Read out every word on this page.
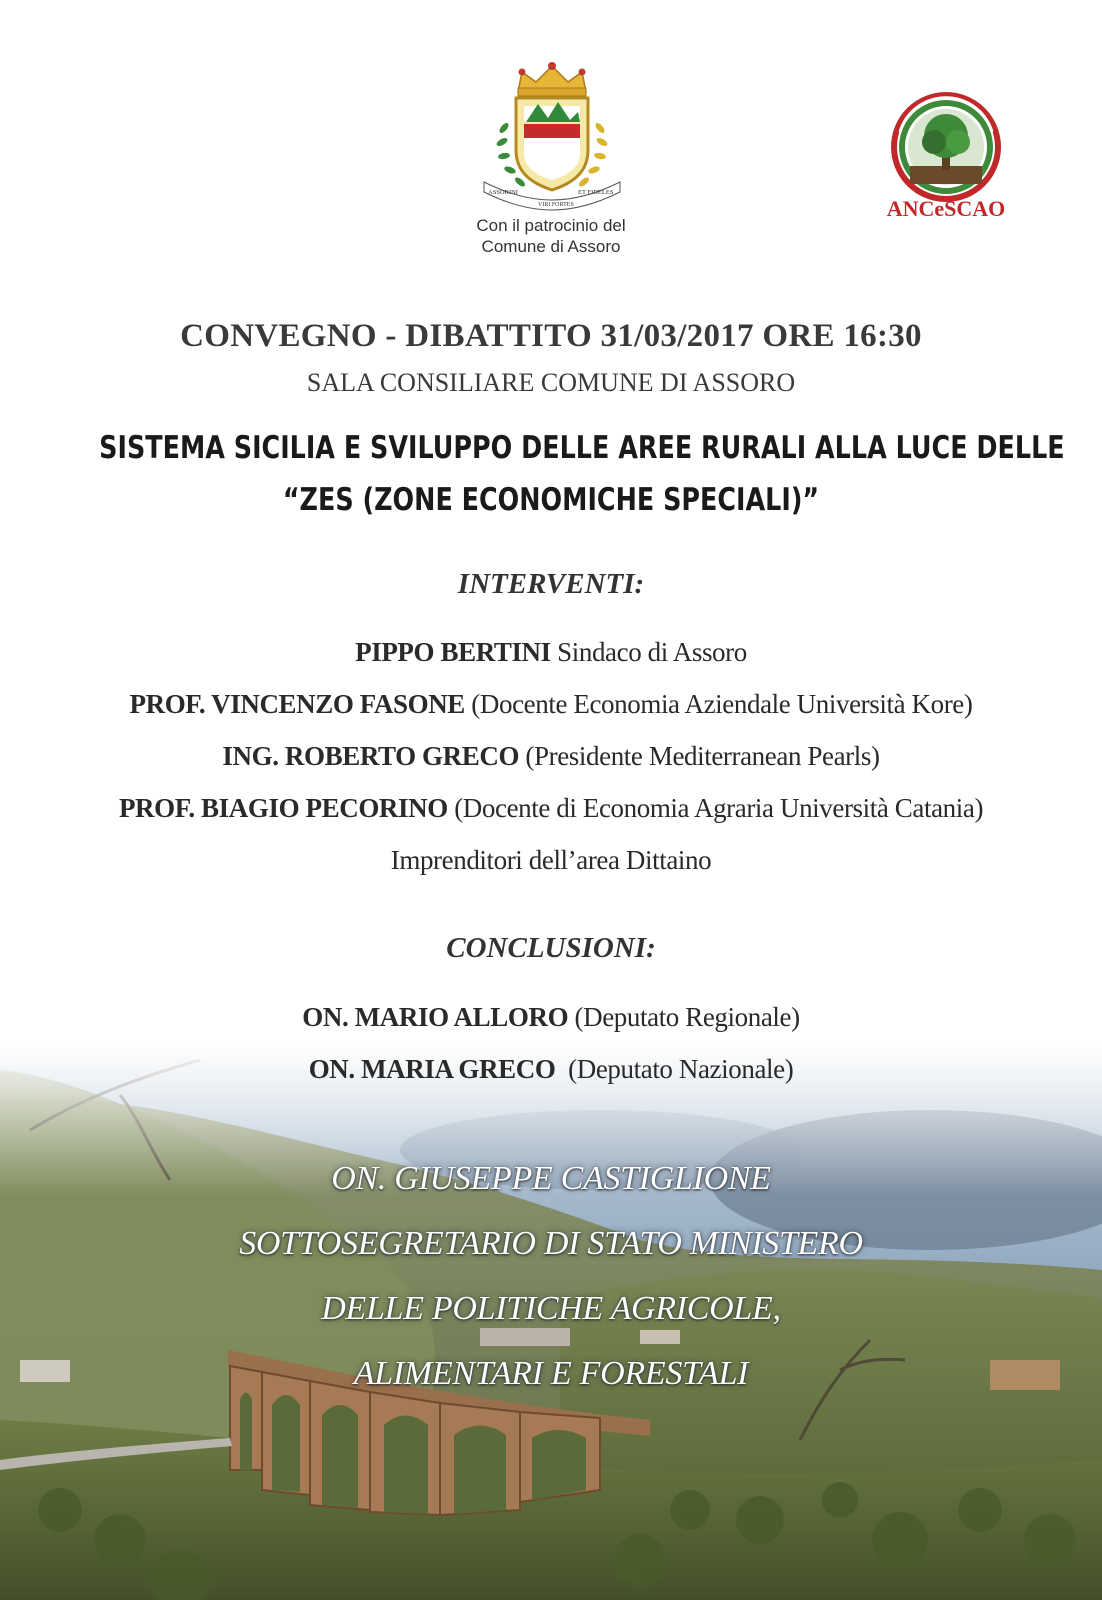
ASSORINI
VIRI FORTES
ET FIDELES
Con il patrocinio del
Comune di Assoro
ANCeSCAO
CONVEGNO - DIBATTITO 31/03/2017 ORE 16:30
SALA CONSILIARE COMUNE DI ASSORO
SISTEMA SICILIA E SVILUPPO DELLE AREE RURALI ALLA LUCE DELLE
“ZES (ZONE ECONOMICHE SPECIALI)”
INTERVENTI:
PIPPO BERTINI Sindaco di Assoro
PROF. VINCENZO FASONE (Docente Economia Aziendale Università Kore)
ING. ROBERTO GRECO (Presidente Mediterranean Pearls)
PROF. BIAGIO PECORINO (Docente di Economia Agraria Università Catania)
Imprenditori dell’area Dittaino
CONCLUSIONI:
ON. MARIO ALLORO (Deputato Regionale)
ON. MARIA GRECO  (Deputato Nazionale)
ON. GIUSEPPE CASTIGLIONE
SOTTOSEGRETARIO DI STATO MINISTERO
DELLE POLITICHE AGRICOLE,
ALIMENTARI E FORESTALI
